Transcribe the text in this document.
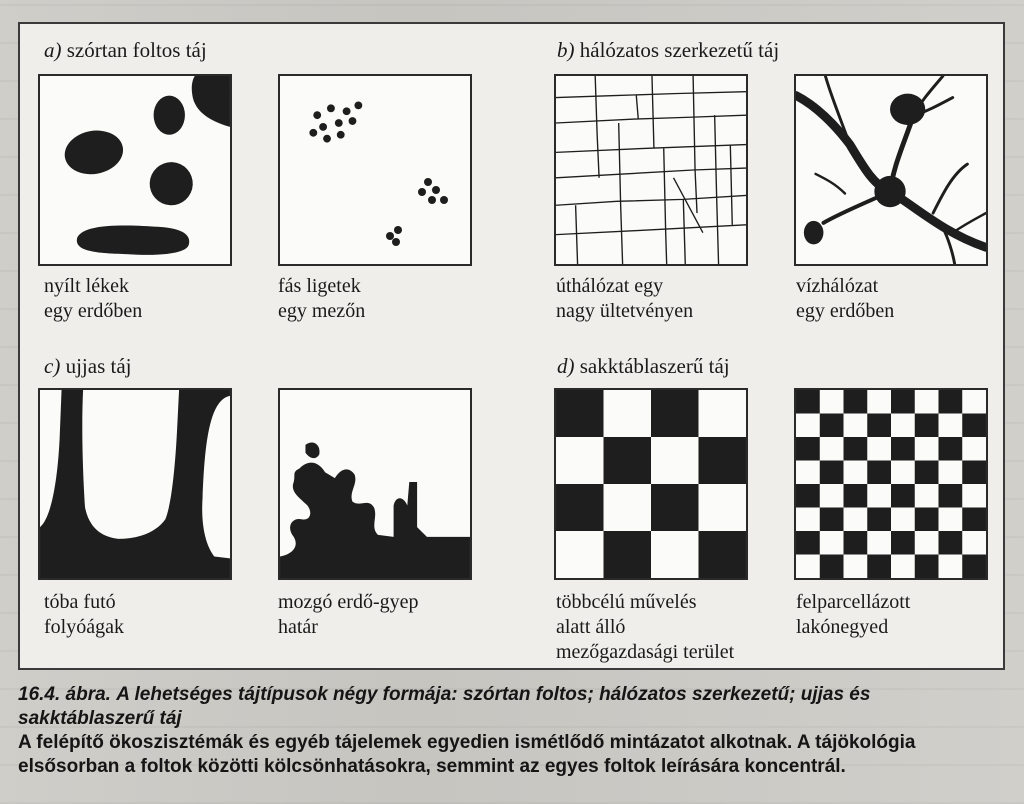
a) szórtan foltos táj	b) hálózatos szerkezetű táj
c) ujjas táj	d) sakktáblaszerű táj
nyílt lékek
egy erdőben
fás ligetek
egy mezőn
úthálózat egy
nagy ültetvényen
vízhálózat
egy erdőben
tóba futó
folyóágak
mozgó erdő-gyep
határ
többcélú művelés
alatt álló
mezőgazdasági terület
felparcellázott
lakónegyed
16.4. ábra. A lehetséges tájtípusok négy formája: szórtan foltos; hálózatos szerkezetű; ujjas és sakktáblaszerű táj
A felépítő ökoszisztémák és egyéb tájelemek egyedien ismétlődő mintázatot alkotnak. A tájökológia elsősorban a foltok közötti kölcsönhatásokra, semmint az egyes foltok leírására koncentrál.
